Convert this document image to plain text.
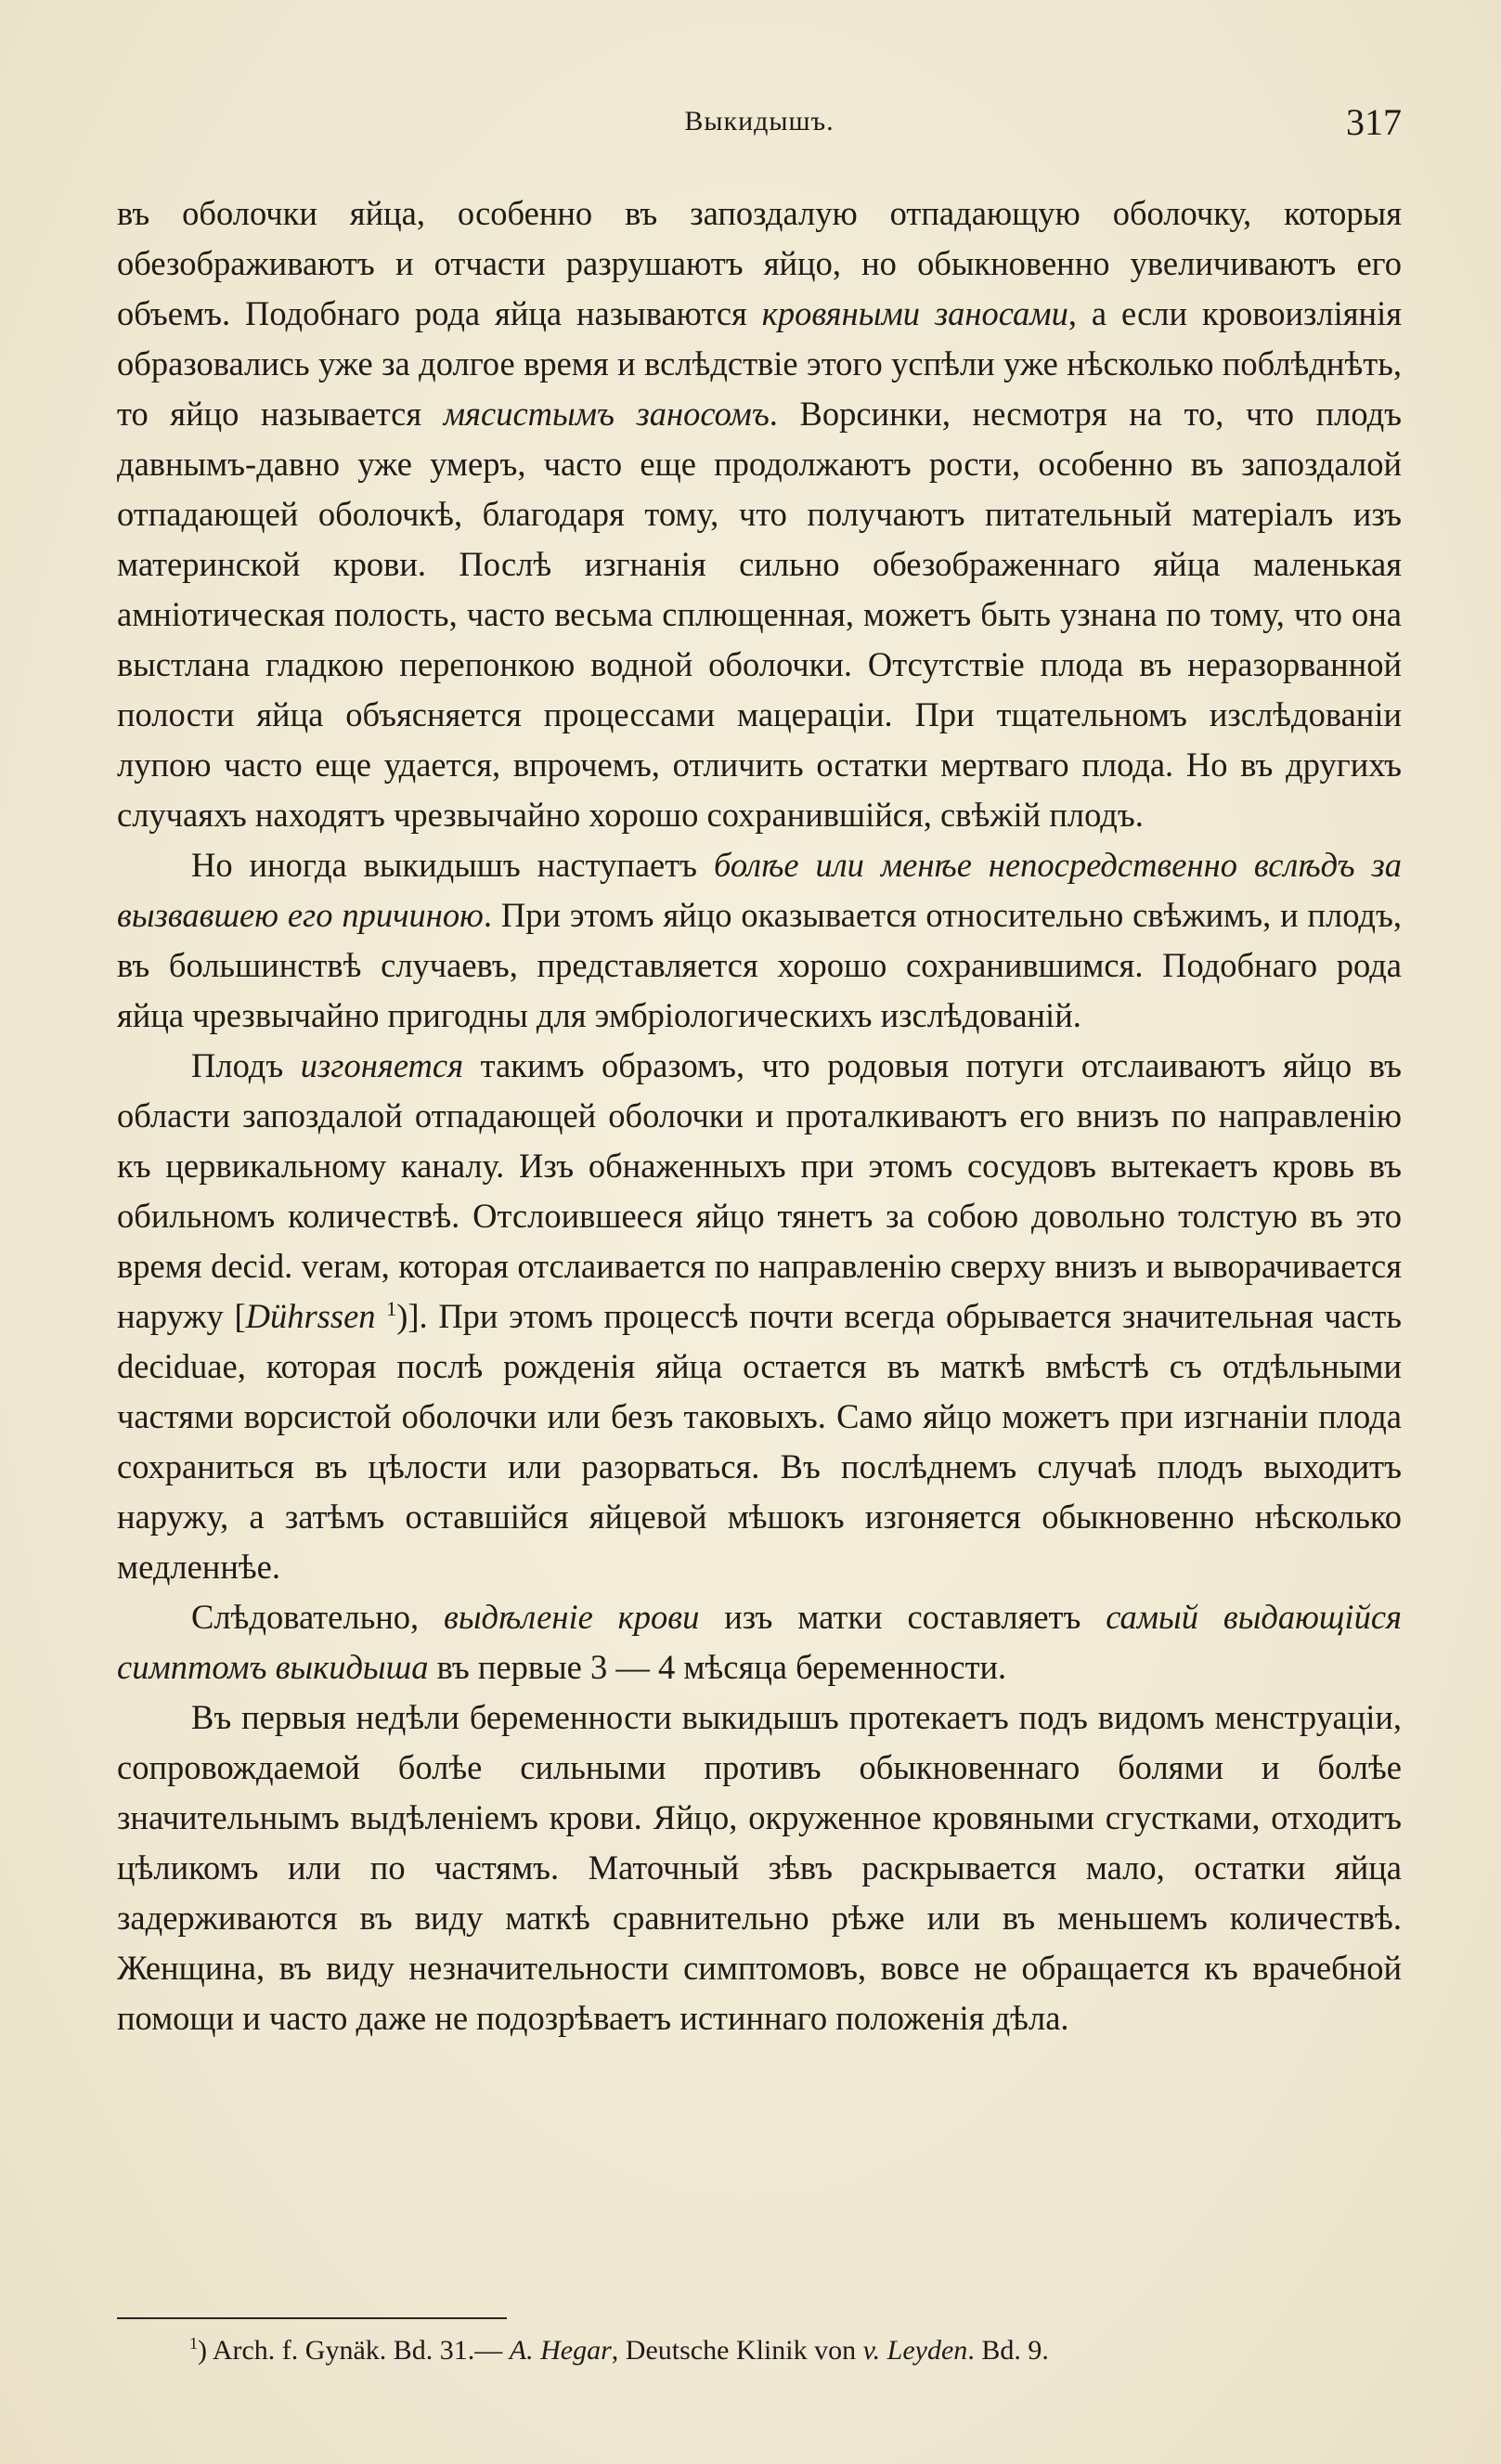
Выкидышъ.	317

въ оболочки яйца, особенно въ запоздалую отпадающую оболочку, которыя обезображиваютъ и отчасти разрушаютъ яйцо, но обыкновенно увеличиваютъ его объемъ. Подобнаго рода яйца называются кровяными заносами, а если кровоизліянія образовались уже за долгое время и вслѣдствіе этого успѣли уже нѣсколько поблѣднѣть, то яйцо называется мясистымъ заносомъ. Ворсинки, несмотря на то, что плодъ давнымъ-давно уже умеръ, часто еще продолжаютъ рости, особенно въ запоздалой отпадающей оболочкѣ, благодаря тому, что получаютъ питательный матеріалъ изъ материнской крови. Послѣ изгнанія сильно обезображеннаго яйца маленькая амніотическая полость, часто весьма сплющенная, можетъ быть узнана по тому, что она выстлана гладкою перепонкою водной оболочки. Отсутствіе плода въ неразорванной полости яйца объясняется процессами мацераціи. При тщательномъ изслѣдованіи лупою часто еще удается, впрочемъ, отличить остатки мертваго плода. Но въ другихъ случаяхъ находятъ чрезвычайно хорошо сохранившійся, свѣжій плодъ.

Но иногда выкидышъ наступаетъ болѣе или менѣе непосредственно вслѣдъ за вызвавшею его причиною. При этомъ яйцо оказывается относительно свѣжимъ, и плодъ, въ большинствѣ случаевъ, представляется хорошо сохранившимся. Подобнаго рода яйца чрезвычайно пригодны для эмбріологическихъ изслѣдованій.

Плодъ изгоняется такимъ образомъ, что родовыя потуги отслаиваютъ яйцо въ области запоздалой отпадающей оболочки и проталкиваютъ его внизъ по направленію къ цервикальному каналу. Изъ обнаженныхъ при этомъ сосудовъ вытекаетъ кровь въ обильномъ количествѣ. Отслоившееся яйцо тянетъ за собою довольно толстую въ это время decid. verам, которая отслаивается по направленію сверху внизъ и выворачивается наружу [Dührssen $^1$)]. При этомъ процессѣ почти всегда обрывается значительная часть deciduae, которая послѣ рожденія яйца остается въ маткѣ вмѣстѣ съ отдѣльными частями ворсистой оболочки или безъ таковыхъ. Само яйцо можетъ при изгнаніи плода сохраниться въ цѣлости или разорваться. Въ послѣднемъ случаѣ плодъ выходитъ наружу, а затѣмъ оставшійся яйцевой мѣшокъ изгоняется обыкновенно нѣсколько медленнѣе.

Слѣдовательно, выдѣленіе крови изъ матки составляетъ самый выдающійся симптомъ выкидыша въ первые 3 — 4 мѣсяца беременности.

Въ первыя недѣли беременности выкидышъ протекаетъ подъ видомъ менструаціи, сопровождаемой болѣе сильными противъ обыкновеннаго болями и болѣе значительнымъ выдѣленіемъ крови. Яйцо, окруженное кровяными сгустками, отходитъ цѣликомъ или по частямъ. Маточный зѣвъ раскрывается мало, остатки яйца задерживаются въ виду маткѣ сравнительно рѣже или въ меньшемъ количествѣ. Женщина, въ виду незначительности симптомовъ, вовсе не обращается къ врачебной помощи и часто даже не подозрѣваетъ истиннаго положенія дѣла.

$^1$) Arch. f. Gynäk. Bd. 31.— A. Hegar, Deutsche Klinik von v. Leyden. Bd. 9.
